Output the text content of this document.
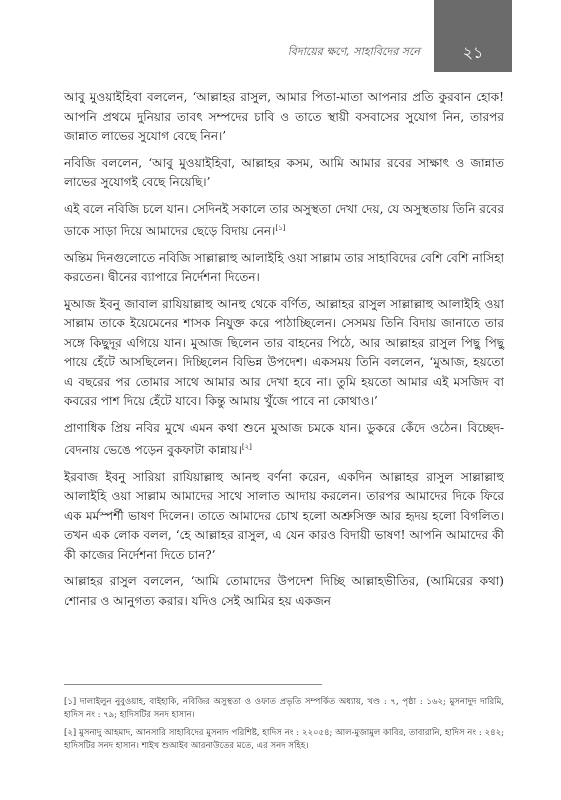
বিদায়ের ক্ষণে, সাহাবিদের সনে	২১

আবু মুওয়াইহিবা বললেন, ‘আল্লাহর রাসুল, আমার পিতা-মাতা আপনার প্রতি কুরবান হোক! আপনি প্রথমে দুনিয়ার তাবৎ সম্পদের চাবি ও তাতে স্থায়ী বসবাসের সুযোগ নিন, তারপর জান্নাত লাভের সুযোগ বেছে নিন।’

নবিজি বললেন, ‘আবু মুওয়াইহিবা, আল্লাহর কসম, আমি আমার রবের সাক্ষাৎ ও জান্নাত লাভের সুযোগই বেছে নিয়েছি।’

এই বলে নবিজি চলে যান। সেদিনই সকালে তার অসুস্থতা দেখা দেয়, যে অসুস্থতায় তিনি রবের ডাকে সাড়া দিয়ে আমাদের ছেড়ে বিদায় নেন।[১]

অন্তিম দিনগুলোতে নবিজি সাল্লাল্লাহু আলাইহি ওয়া সাল্লাম তার সাহাবিদের বেশি বেশি নাসিহা করতেন। দ্বীনের ব্যাপারে নির্দেশনা দিতেন।

মুআজ ইবনু জাবাল রাযিয়াল্লাহু আনহু থেকে বর্ণিত, আল্লাহর রাসুল সাল্লাল্লাহু আলাইহি ওয়া সাল্লাম তাকে ইয়েমেনের শাসক নিযুক্ত করে পাঠাচ্ছিলেন। সেসময় তিনি বিদায় জানাতে তার সঙ্গে কিছুদূর এগিয়ে যান। মুআজ ছিলেন তার বাহনের পিঠে, আর আল্লাহর রাসুল পিছু পিছু পায়ে হেঁটে আসছিলেন। দিচ্ছিলেন বিভিন্ন উপদেশ। একসময় তিনি বললেন, ‘মুআজ, হয়তো এ বছরের পর তোমার সাথে আমার আর দেখা হবে না। তুমি হয়তো আমার এই মসজিদ বা কবরের পাশ দিয়ে হেঁটে যাবে। কিন্তু আমায় খুঁজে পাবে না কোথাও।’

প্রাণাধিক প্রিয় নবির মুখে এমন কথা শুনে মুআজ চমকে যান। ডুকরে কেঁদে ওঠেন। বিচ্ছেদ-বেদনায় ভেঙে পড়েন বুকফাটা কান্নায়।[২]

ইরবাজ ইবনু সারিয়া রাযিয়াল্লাহু আনহু বর্ণনা করেন, একদিন আল্লাহর রাসুল সাল্লাল্লাহু আলাইহি ওয়া সাল্লাম আমাদের সাথে সালাত আদায় করলেন। তারপর আমাদের দিকে ফিরে এক মর্মস্পর্শী ভাষণ দিলেন। তাতে আমাদের চোখ হলো অশ্রুসিক্ত আর হৃদয় হলো বিগলিত। তখন এক লোক বলল, ‘হে আল্লাহর রাসুল, এ যেন কারও বিদায়ী ভাষণ! আপনি আমাদের কী কী কাজের নির্দেশনা দিতে চান?’

আল্লাহর রাসুল বললেন, ‘আমি তোমাদের উপদেশ দিচ্ছি আল্লাহভীতির, (আমিরের কথা) শোনার ও আনুগত্য করার। যদিও সেই আমির হয় একজন

[১] দালাইলুন নুবুওয়াহ, বাইহাকি, নবিজির অসুস্থতা ও ওফাত প্রভৃতি সম্পর্কিত অধ্যায়, খণ্ড : ৭, পৃষ্ঠা : ১৬২; মুসনাদুদ দারিমি, হাদিস নং : ৭৯; হাদিসটির সনদ হাসান।

[২] মুসনাদু আহমাদ, আনসারি সাহাবিদের মুসনাদ পরিশিষ্ট, হাদিস নং : ২২০৫৪; আল-মুজামুল কাবির, তাবারানি, হাদিস নং : ২৪২; হাদিসটির সনদ হাসান। শাইখ শুআইব আরনাউতের মতে, এর সনদ সহিহ।
